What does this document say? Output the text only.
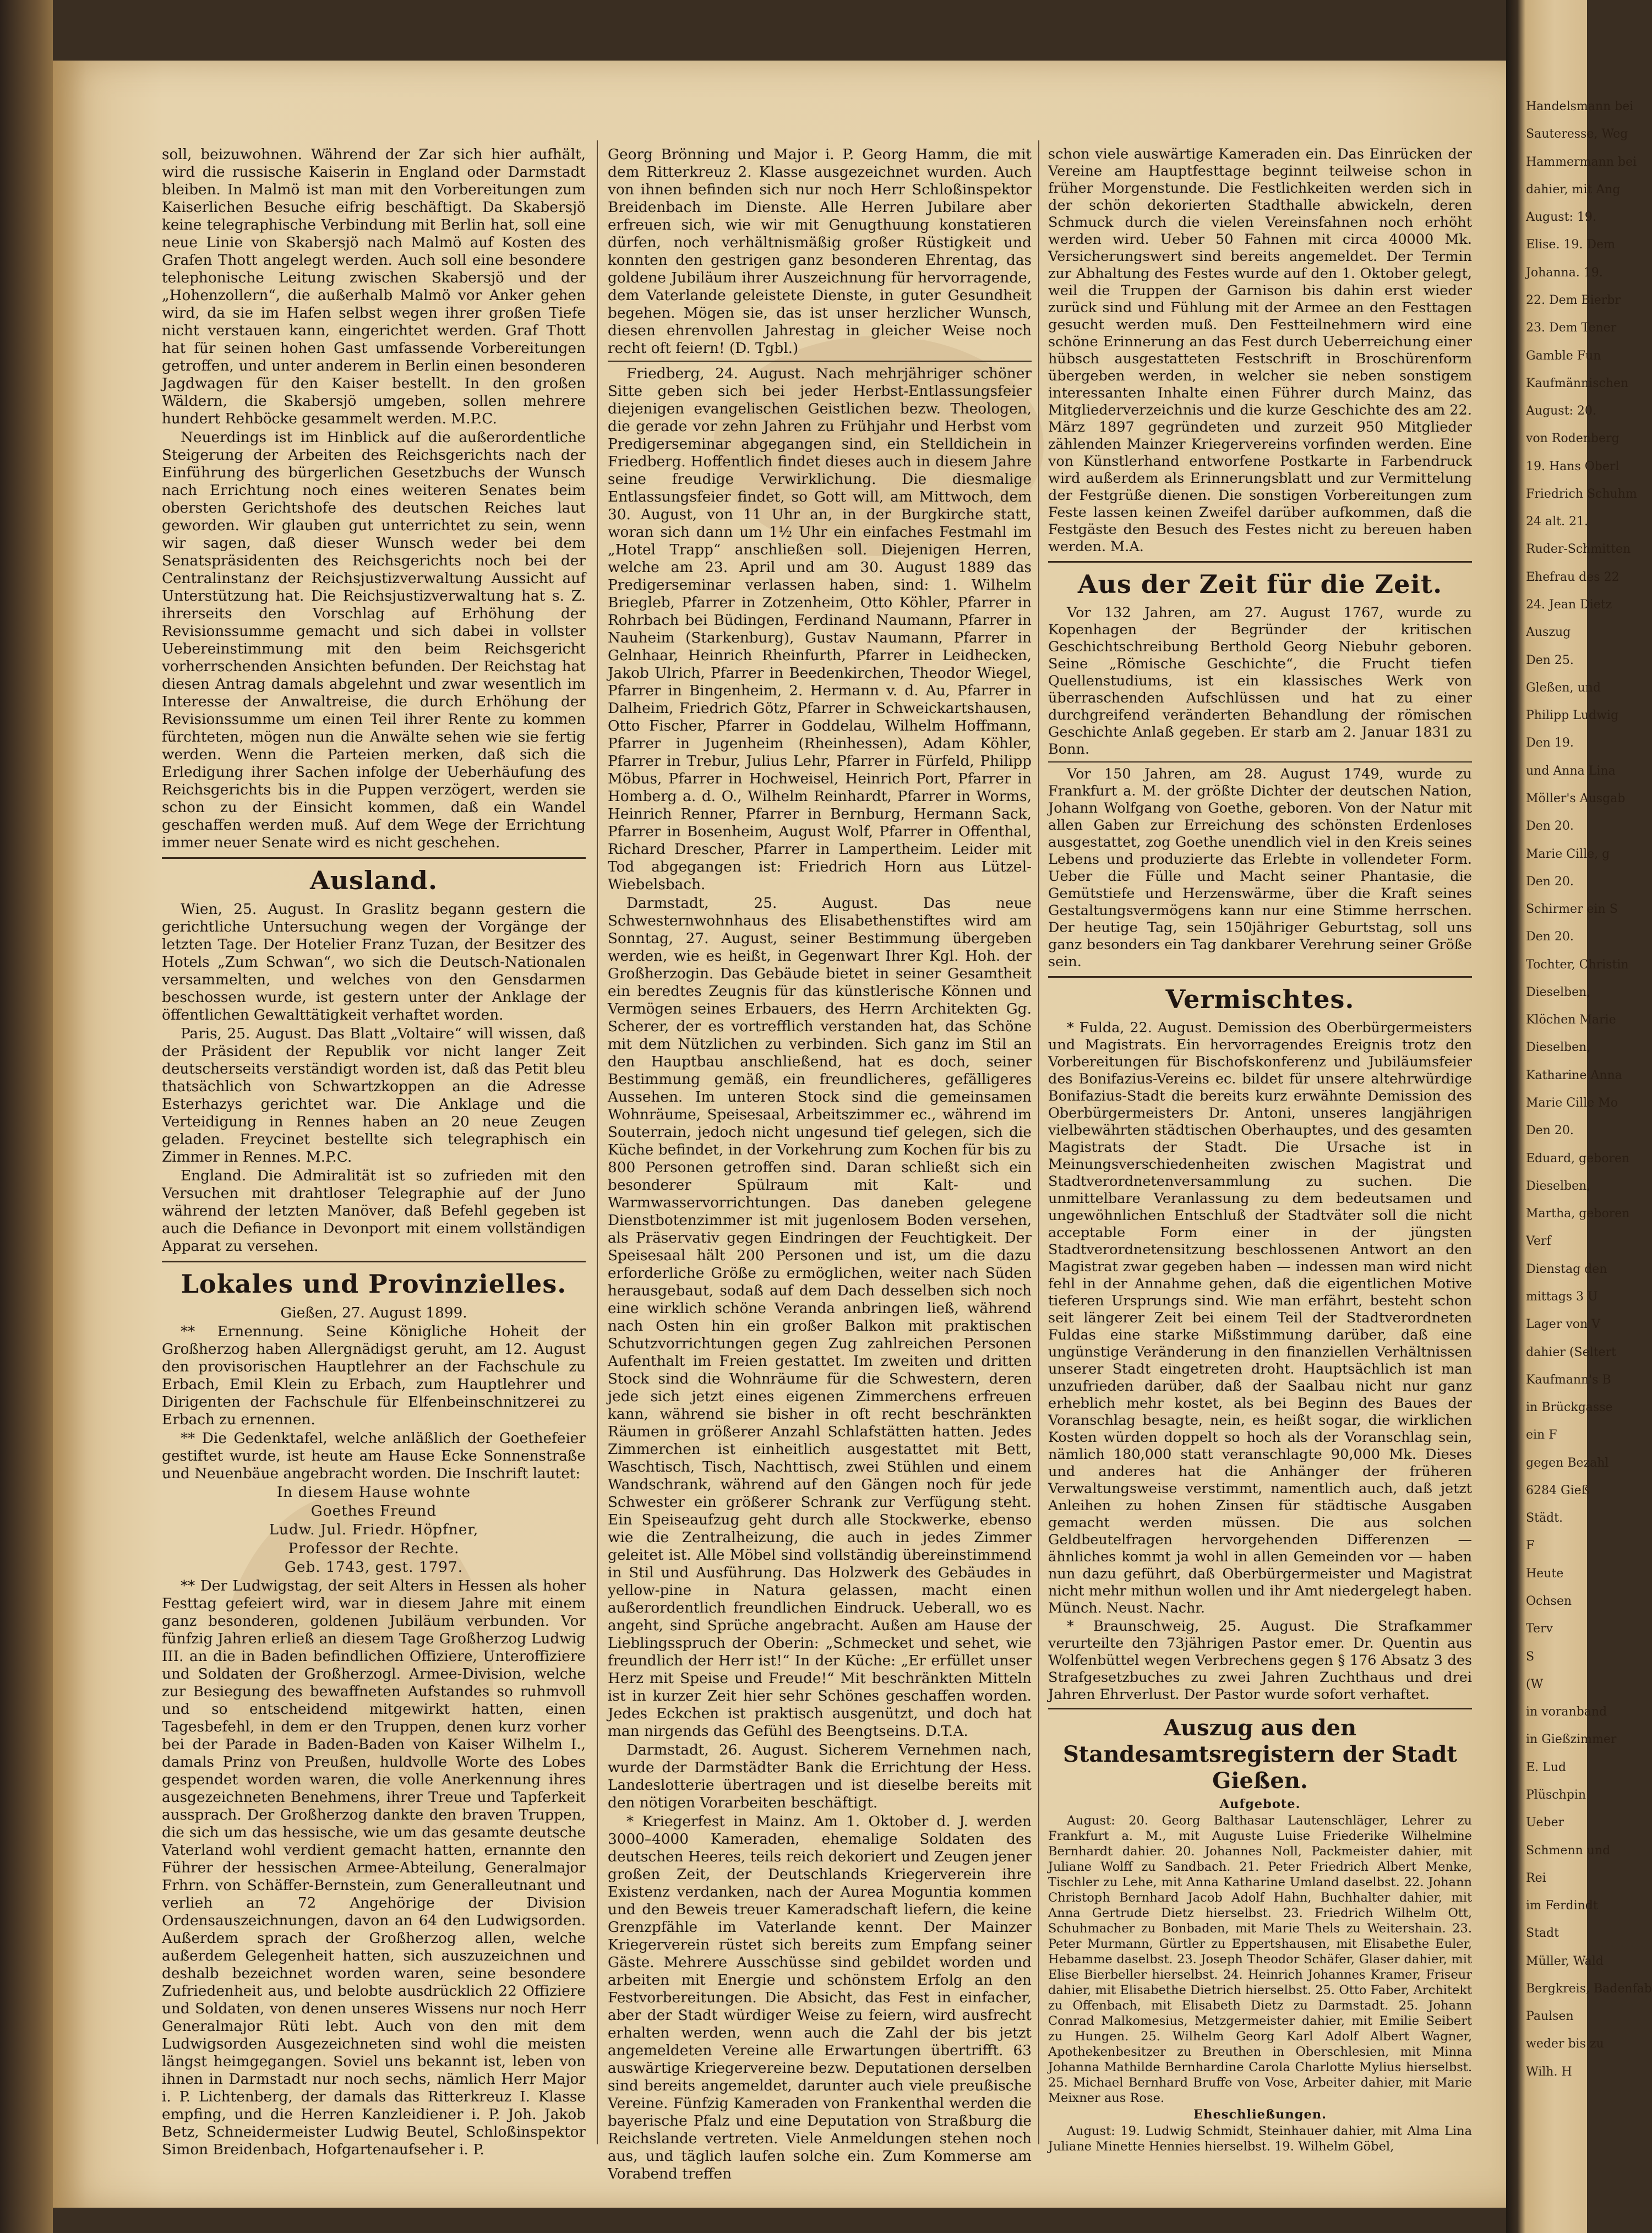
soll, beizuwohnen. Während der Zar sich hier aufhält, wird die russische Kaiserin in England oder Darmstadt bleiben. In Malmö ist man mit den Vorbereitungen zum Kaiserlichen Besuche eifrig beschäftigt. Da Skabersjö keine telegraphische Verbindung mit Berlin hat, soll eine neue Linie von Skabersjö nach Malmö auf Kosten des Grafen Thott angelegt werden. Auch soll eine besondere telephonische Leitung zwischen Skabersjö und der „Hohenzollern“, die außerhalb Malmö vor Anker gehen wird, da sie im Hafen selbst wegen ihrer großen Tiefe nicht verstauen kann, eingerichtet werden. Graf Thott hat für seinen hohen Gast umfassende Vorbereitungen getroffen, und unter anderem in Berlin einen besonderen Jagdwagen für den Kaiser bestellt. In den großen Wäldern, die Skabersjö umgeben, sollen mehrere hundert Rehböcke gesammelt werden. M.P.C.

Neuerdings ist im Hinblick auf die außerordentliche Steigerung der Arbeiten des Reichsgerichts nach der Einführung des bürgerlichen Gesetzbuchs der Wunsch nach Errichtung noch eines weiteren Senates beim obersten Gerichtshofe des deutschen Reiches laut geworden. Wir glauben gut unterrichtet zu sein, wenn wir sagen, daß dieser Wunsch weder bei dem Senatspräsidenten des Reichsgerichts noch bei der Centralinstanz der Reichsjustizverwaltung Aussicht auf Unterstützung hat. Die Reichsjustizverwaltung hat s. Z. ihrerseits den Vorschlag auf Erhöhung der Revisionssumme gemacht und sich dabei in vollster Uebereinstimmung mit den beim Reichsgericht vorherrschenden Ansichten befunden. Der Reichstag hat diesen Antrag damals abgelehnt und zwar wesentlich im Interesse der Anwaltreise, die durch Erhöhung der Revisionssumme um einen Teil ihrer Rente zu kommen fürchteten, mögen nun die Anwälte sehen wie sie fertig werden. Wenn die Parteien merken, daß sich die Erledigung ihrer Sachen infolge der Ueberhäufung des Reichsgerichts bis in die Puppen verzögert, werden sie schon zu der Einsicht kommen, daß ein Wandel geschaffen werden muß. Auf dem Wege der Errichtung immer neuer Senate wird es nicht geschehen.

Ausland.

Wien, 25. August. In Graslitz begann gestern die gerichtliche Untersuchung wegen der Vorgänge der letzten Tage. Der Hotelier Franz Tuzan, der Besitzer des Hotels „Zum Schwan“, wo sich die Deutsch-Nationalen versammelten, und welches von den Gensdarmen beschossen wurde, ist gestern unter der Anklage der öffentlichen Gewalttätigkeit verhaftet worden.

Paris, 25. August. Das Blatt „Voltaire“ will wissen, daß der Präsident der Republik vor nicht langer Zeit deutscherseits verständigt worden ist, daß das Petit bleu thatsächlich von Schwartzkoppen an die Adresse Esterhazys gerichtet war. Die Anklage und die Verteidigung in Rennes haben an 20 neue Zeugen geladen. Freycinet bestellte sich telegraphisch ein Zimmer in Rennes. M.P.C.

England. Die Admiralität ist so zufrieden mit den Versuchen mit drahtloser Telegraphie auf der Juno während der letzten Manöver, daß Befehl gegeben ist auch die Defiance in Devonport mit einem vollständigen Apparat zu versehen.

Lokales und Provinzielles.

Gießen, 27. August 1899.

** Ernennung. Seine Königliche Hoheit der Großherzog haben Allergnädigst geruht, am 12. August den provisorischen Hauptlehrer an der Fachschule zu Erbach, Emil Klein zu Erbach, zum Hauptlehrer und Dirigenten der Fachschule für Elfenbeinschnitzerei zu Erbach zu ernennen.

** Die Gedenktafel, welche anläßlich der Goethefeier gestiftet wurde, ist heute am Hause Ecke Sonnenstraße und Neuenbäue angebracht worden. Die Inschrift lautet:

In diesem Hause wohnte

Goethes Freund

Ludw. Jul. Friedr. Höpfner,

Professor der Rechte.

Geb. 1743, gest. 1797.

** Der Ludwigstag, der seit Alters in Hessen als hoher Festtag gefeiert wird, war in diesem Jahre mit einem ganz besonderen, goldenen Jubiläum verbunden. Vor fünfzig Jahren erließ an diesem Tage Großherzog Ludwig III. an die in Baden befindlichen Offiziere, Unteroffiziere und Soldaten der Großherzogl. Armee-Division, welche zur Besiegung des bewaffneten Aufstandes so ruhmvoll und so entscheidend mitgewirkt hatten, einen Tagesbefehl, in dem er den Truppen, denen kurz vorher bei der Parade in Baden-Baden von Kaiser Wilhelm I., damals Prinz von Preußen, huldvolle Worte des Lobes gespendet worden waren, die volle Anerkennung ihres ausgezeichneten Benehmens, ihrer Treue und Tapferkeit aussprach. Der Großherzog dankte den braven Truppen, die sich um das hessische, wie um das gesamte deutsche Vaterland wohl verdient gemacht hatten, ernannte den Führer der hessischen Armee-Abteilung, Generalmajor Frhrn. von Schäffer-Bernstein, zum Generalleutnant und verlieh an 72 Angehörige der Division Ordensauszeichnungen, davon an 64 den Ludwigsorden. Außerdem sprach der Großherzog allen, welche außerdem Gelegenheit hatten, sich auszuzeichnen und deshalb bezeichnet worden waren, seine besondere Zufriedenheit aus, und belobte ausdrücklich 22 Offiziere und Soldaten, von denen unseres Wissens nur noch Herr Generalmajor Rüti lebt. Auch von den mit dem Ludwigsorden Ausgezeichneten sind wohl die meisten längst heimgegangen. Soviel uns bekannt ist, leben von ihnen in Darmstadt nur noch sechs, nämlich Herr Major i. P. Lichtenberg, der damals das Ritterkreuz I. Klasse empfing, und die Herren Kanzleidiener i. P. Joh. Jakob Betz, Schneidermeister Ludwig Beutel, Schloßinspektor Simon Breidenbach, Hofgartenaufseher i. P.

Georg Brönning und Major i. P. Georg Hamm, die mit dem Ritterkreuz 2. Klasse ausgezeichnet wurden. Auch von ihnen befinden sich nur noch Herr Schloßinspektor Breidenbach im Dienste. Alle Herren Jubilare aber erfreuen sich, wie wir mit Genugthuung konstatieren dürfen, noch verhältnismäßig großer Rüstigkeit und konnten den gestrigen ganz besonderen Ehrentag, das goldene Jubiläum ihrer Auszeichnung für hervorragende, dem Vaterlande geleistete Dienste, in guter Gesundheit begehen. Mögen sie, das ist unser herzlicher Wunsch, diesen ehrenvollen Jahrestag in gleicher Weise noch recht oft feiern! (D. Tgbl.)

Friedberg, 24. August. Nach mehrjähriger schöner Sitte geben sich bei jeder Herbst-Entlassungsfeier diejenigen evangelischen Geistlichen bezw. Theologen, die gerade vor zehn Jahren zu Frühjahr und Herbst vom Predigerseminar abgegangen sind, ein Stelldichein in Friedberg. Hoffentlich findet dieses auch in diesem Jahre seine freudige Verwirklichung. Die diesmalige Entlassungsfeier findet, so Gott will, am Mittwoch, dem 30. August, von 11 Uhr an, in der Burgkirche statt, woran sich dann um 1½ Uhr ein einfaches Festmahl im „Hotel Trapp“ anschließen soll. Diejenigen Herren, welche am 23. April und am 30. August 1889 das Predigerseminar verlassen haben, sind: 1. Wilhelm Briegleb, Pfarrer in Zotzenheim, Otto Köhler, Pfarrer in Rohrbach bei Büdingen, Ferdinand Naumann, Pfarrer in Nauheim (Starkenburg), Gustav Naumann, Pfarrer in Gelnhaar, Heinrich Rheinfurth, Pfarrer in Leidhecken, Jakob Ulrich, Pfarrer in Beedenkirchen, Theodor Wiegel, Pfarrer in Bingenheim, 2. Hermann v. d. Au, Pfarrer in Dalheim, Friedrich Götz, Pfarrer in Schweickartshausen, Otto Fischer, Pfarrer in Goddelau, Wilhelm Hoffmann, Pfarrer in Jugenheim (Rheinhessen), Adam Köhler, Pfarrer in Trebur, Julius Lehr, Pfarrer in Fürfeld, Philipp Möbus, Pfarrer in Hochweisel, Heinrich Port, Pfarrer in Homberg a. d. O., Wilhelm Reinhardt, Pfarrer in Worms, Heinrich Renner, Pfarrer in Bernburg, Hermann Sack, Pfarrer in Bosenheim, August Wolf, Pfarrer in Offenthal, Richard Drescher, Pfarrer in Lampertheim. Leider mit Tod abgegangen ist: Friedrich Horn aus Lützel-Wiebelsbach.

Darmstadt, 25. August. Das neue Schwesternwohnhaus des Elisabethenstiftes wird am Sonntag, 27. August, seiner Bestimmung übergeben werden, wie es heißt, in Gegenwart Ihrer Kgl. Hoh. der Großherzogin. Das Gebäude bietet in seiner Gesamtheit ein beredtes Zeugnis für das künstlerische Können und Vermögen seines Erbauers, des Herrn Architekten Gg. Scherer, der es vortrefflich verstanden hat, das Schöne mit dem Nützlichen zu verbinden. Sich ganz im Stil an den Hauptbau anschließend, hat es doch, seiner Bestimmung gemäß, ein freundlicheres, gefälligeres Aussehen. Im unteren Stock sind die gemeinsamen Wohnräume, Speisesaal, Arbeitszimmer ec., während im Souterrain, jedoch nicht ungesund tief gelegen, sich die Küche befindet, in der Vorkehrung zum Kochen für bis zu 800 Personen getroffen sind. Daran schließt sich ein besonderer Spülraum mit Kalt- und Warmwasservorrichtungen. Das daneben gelegene Dienstbotenzimmer ist mit jugenlosem Boden versehen, als Präservativ gegen Eindringen der Feuchtigkeit. Der Speisesaal hält 200 Personen und ist, um die dazu erforderliche Größe zu ermöglichen, weiter nach Süden herausgebaut, sodaß auf dem Dach desselben sich noch eine wirklich schöne Veranda anbringen ließ, während nach Osten hin ein großer Balkon mit praktischen Schutzvorrichtungen gegen Zug zahlreichen Personen Aufenthalt im Freien gestattet. Im zweiten und dritten Stock sind die Wohnräume für die Schwestern, deren jede sich jetzt eines eigenen Zimmerchens erfreuen kann, während sie bisher in oft recht beschränkten Räumen in größerer Anzahl Schlafstätten hatten. Jedes Zimmerchen ist einheitlich ausgestattet mit Bett, Waschtisch, Tisch, Nachttisch, zwei Stühlen und einem Wandschrank, während auf den Gängen noch für jede Schwester ein größerer Schrank zur Verfügung steht. Ein Speiseaufzug geht durch alle Stockwerke, ebenso wie die Zentralheizung, die auch in jedes Zimmer geleitet ist. Alle Möbel sind vollständig übereinstimmend in Stil und Ausführung. Das Holzwerk des Gebäudes in yellow-pine in Natura gelassen, macht einen außerordentlich freundlichen Eindruck. Ueberall, wo es angeht, sind Sprüche angebracht. Außen am Hause der Lieblingsspruch der Oberin: „Schmecket und sehet, wie freundlich der Herr ist!“ In der Küche: „Er erfüllet unser Herz mit Speise und Freude!“ Mit beschränkten Mitteln ist in kurzer Zeit hier sehr Schönes geschaffen worden. Jedes Eckchen ist praktisch ausgenützt, und doch hat man nirgends das Gefühl des Beengtseins. D.T.A.

Darmstadt, 26. August. Sicherem Vernehmen nach, wurde der Darmstädter Bank die Errichtung der Hess. Landeslotterie übertragen und ist dieselbe bereits mit den nötigen Vorarbeiten beschäftigt.

* Kriegerfest in Mainz. Am 1. Oktober d. J. werden 3000–4000 Kameraden, ehemalige Soldaten des deutschen Heeres, teils reich dekoriert und Zeugen jener großen Zeit, der Deutschlands Kriegerverein ihre Existenz verdanken, nach der Aurea Moguntia kommen und den Beweis treuer Kameradschaft liefern, die keine Grenzpfähle im Vaterlande kennt. Der Mainzer Kriegerverein rüstet sich bereits zum Empfang seiner Gäste. Mehrere Ausschüsse sind gebildet worden und arbeiten mit Energie und schönstem Erfolg an den Festvorbereitungen. Die Absicht, das Fest in einfacher, aber der Stadt würdiger Weise zu feiern, wird ausfrecht erhalten werden, wenn auch die Zahl der bis jetzt angemeldeten Vereine alle Erwartungen übertrifft. 63 auswärtige Kriegervereine bezw. Deputationen derselben sind bereits angemeldet, darunter auch viele preußische Vereine. Fünfzig Kameraden von Frankenthal werden die bayerische Pfalz und eine Deputation von Straßburg die Reichslande vertreten. Viele Anmeldungen stehen noch aus, und täglich laufen solche ein. Zum Kommerse am Vorabend treffen

schon viele auswärtige Kameraden ein. Das Einrücken der Vereine am Hauptfesttage beginnt teilweise schon in früher Morgenstunde. Die Festlichkeiten werden sich in der schön dekorierten Stadthalle abwickeln, deren Schmuck durch die vielen Vereinsfahnen noch erhöht werden wird. Ueber 50 Fahnen mit circa 40000 Mk. Versicherungswert sind bereits angemeldet. Der Termin zur Abhaltung des Festes wurde auf den 1. Oktober gelegt, weil die Truppen der Garnison bis dahin erst wieder zurück sind und Fühlung mit der Armee an den Festtagen gesucht werden muß. Den Festteilnehmern wird eine schöne Erinnerung an das Fest durch Ueberreichung einer hübsch ausgestatteten Festschrift in Broschürenform übergeben werden, in welcher sie neben sonstigem interessanten Inhalte einen Führer durch Mainz, das Mitgliederverzeichnis und die kurze Geschichte des am 22. März 1897 gegründeten und zurzeit 950 Mitglieder zählenden Mainzer Kriegervereins vorfinden werden. Eine von Künstlerhand entworfene Postkarte in Farbendruck wird außerdem als Erinnerungsblatt und zur Vermittelung der Festgrüße dienen. Die sonstigen Vorbereitungen zum Feste lassen keinen Zweifel darüber aufkommen, daß die Festgäste den Besuch des Festes nicht zu bereuen haben werden. M.A.

Aus der Zeit für die Zeit.

Vor 132 Jahren, am 27. August 1767, wurde zu Kopenhagen der Begründer der kritischen Geschichtschreibung Berthold Georg Niebuhr geboren. Seine „Römische Geschichte“, die Frucht tiefen Quellenstudiums, ist ein klassisches Werk von überraschenden Aufschlüssen und hat zu einer durchgreifend veränderten Behandlung der römischen Geschichte Anlaß gegeben. Er starb am 2. Januar 1831 zu Bonn.

Vor 150 Jahren, am 28. August 1749, wurde zu Frankfurt a. M. der größte Dichter der deutschen Nation, Johann Wolfgang von Goethe, geboren. Von der Natur mit allen Gaben zur Erreichung des schönsten Erdenloses ausgestattet, zog Goethe unendlich viel in den Kreis seines Lebens und produzierte das Erlebte in vollendeter Form. Ueber die Fülle und Macht seiner Phantasie, die Gemütstiefe und Herzenswärme, über die Kraft seines Gestaltungsvermögens kann nur eine Stimme herrschen. Der heutige Tag, sein 150jähriger Geburtstag, soll uns ganz besonders ein Tag dankbarer Verehrung seiner Größe sein.

Vermischtes.

* Fulda, 22. August. Demission des Oberbürgermeisters und Magistrats. Ein hervorragendes Ereignis trotz den Vorbereitungen für Bischofskonferenz und Jubiläumsfeier des Bonifazius-Vereins ec. bildet für unsere altehrwürdige Bonifazius-Stadt die bereits kurz erwähnte Demission des Oberbürgermeisters Dr. Antoni, unseres langjährigen vielbewährten städtischen Oberhauptes, und des gesamten Magistrats der Stadt. Die Ursache ist in Meinungsverschiedenheiten zwischen Magistrat und Stadtverordnetenversammlung zu suchen. Die unmittelbare Veranlassung zu dem bedeutsamen und ungewöhnlichen Entschluß der Stadtväter soll die nicht acceptable Form einer in der jüngsten Stadtverordnetensitzung beschlossenen Antwort an den Magistrat zwar gegeben haben — indessen man wird nicht fehl in der Annahme gehen, daß die eigentlichen Motive tieferen Ursprungs sind. Wie man erfährt, besteht schon seit längerer Zeit bei einem Teil der Stadtverordneten Fuldas eine starke Mißstimmung darüber, daß eine ungünstige Veränderung in den finanziellen Verhältnissen unserer Stadt eingetreten droht. Hauptsächlich ist man unzufrieden darüber, daß der Saalbau nicht nur ganz erheblich mehr kostet, als bei Beginn des Baues der Voranschlag besagte, nein, es heißt sogar, die wirklichen Kosten würden doppelt so hoch als der Voranschlag sein, nämlich 180,000 statt veranschlagte 90,000 Mk. Dieses und anderes hat die Anhänger der früheren Verwaltungsweise verstimmt, namentlich auch, daß jetzt Anleihen zu hohen Zinsen für städtische Ausgaben gemacht werden müssen. Die aus solchen Geldbeutelfragen hervorgehenden Differenzen — ähnliches kommt ja wohl in allen Gemeinden vor — haben nun dazu geführt, daß Oberbürgermeister und Magistrat nicht mehr mithun wollen und ihr Amt niedergelegt haben. Münch. Neust. Nachr.

* Braunschweig, 25. August. Die Strafkammer verurteilte den 73jährigen Pastor emer. Dr. Quentin aus Wolfenbüttel wegen Verbrechens gegen § 176 Absatz 3 des Strafgesetzbuches zu zwei Jahren Zuchthaus und drei Jahren Ehrverlust. Der Pastor wurde sofort verhaftet.

Auszug aus den Standesamtsregistern der Stadt Gießen.

Aufgebote.

August: 20. Georg Balthasar Lautenschläger, Lehrer zu Frankfurt a. M., mit Auguste Luise Friederike Wilhelmine Bernhardt dahier. 20. Johannes Noll, Packmeister dahier, mit Juliane Wolff zu Sandbach. 21. Peter Friedrich Albert Menke, Tischler zu Lehe, mit Anna Katharine Umland daselbst. 22. Johann Christoph Bernhard Jacob Adolf Hahn, Buchhalter dahier, mit Anna Gertrude Dietz hierselbst. 23. Friedrich Wilhelm Ott, Schuhmacher zu Bonbaden, mit Marie Thels zu Weitershain. 23. Peter Murmann, Gürtler zu Eppertshausen, mit Elisabethe Euler, Hebamme daselbst. 23. Joseph Theodor Schäfer, Glaser dahier, mit Elise Bierbeller hierselbst. 24. Heinrich Johannes Kramer, Friseur dahier, mit Elisabethe Dietrich hierselbst. 25. Otto Faber, Architekt zu Offenbach, mit Elisabeth Dietz zu Darmstadt. 25. Johann Conrad Malkomesius, Metzgermeister dahier, mit Emilie Seibert zu Hungen. 25. Wilhelm Georg Karl Adolf Albert Wagner, Apothekenbesitzer zu Breuthen in Oberschlesien, mit Minna Johanna Mathilde Bernhardine Carola Charlotte Mylius hierselbst. 25. Michael Bernhard Bruffe von Vose, Arbeiter dahier, mit Marie Meixner aus Rose.

Eheschließungen.

August: 19. Ludwig Schmidt, Steinhauer dahier, mit Alma Lina Juliane Minette Hennies hierselbst. 19. Wilhelm Göbel,

Handelsmann bei
Sauteresse, Weg
Hammermann bei
dahier, mit Ang
August: 19.
Elise. 19. Dem
Johanna. 19.
22. Dem Bierbr
23. Dem Tener
Gamble Fun
Kaufmännischen
August: 20.
von Rodenberg
19. Hans Oberl
Friedrich Schuhm
24 alt. 21.
Ruder-Schmitten
Ehefrau des 22
24. Jean Dietz
Auszug
Den 25.
Gleßen, und
Philipp Ludwig
Den 19.
und Anna Lina
Möller's Ausgab
Den 20.
Marie Cille, g
Den 20.
Schirmer ein S
Den 20.
Tochter, Christin
Dieselben,
Klöchen Marie
Dieselben,
Katharine Anna
Marie Cille Mo
Den 20.
Eduard, geboren
Dieselben,
Martha, geboren
Verf
Dienstag den
mittags 3 U
Lager von V
dahier (Seltert
Kaufmann's B
in Brückgasse
ein F
gegen Bezahl
6284 Gieß
Städt.
F
Heute
Ochsen
Terv
S
(W
in voranband
in Gießzimmer
E. Lud
Plüschpin
Ueber
Schmenn und
Rei
im Ferdindt
Stadt
Müller, Wald
Bergkreis, Badenfab
Paulsen
weder bis zu
Wilh. H
